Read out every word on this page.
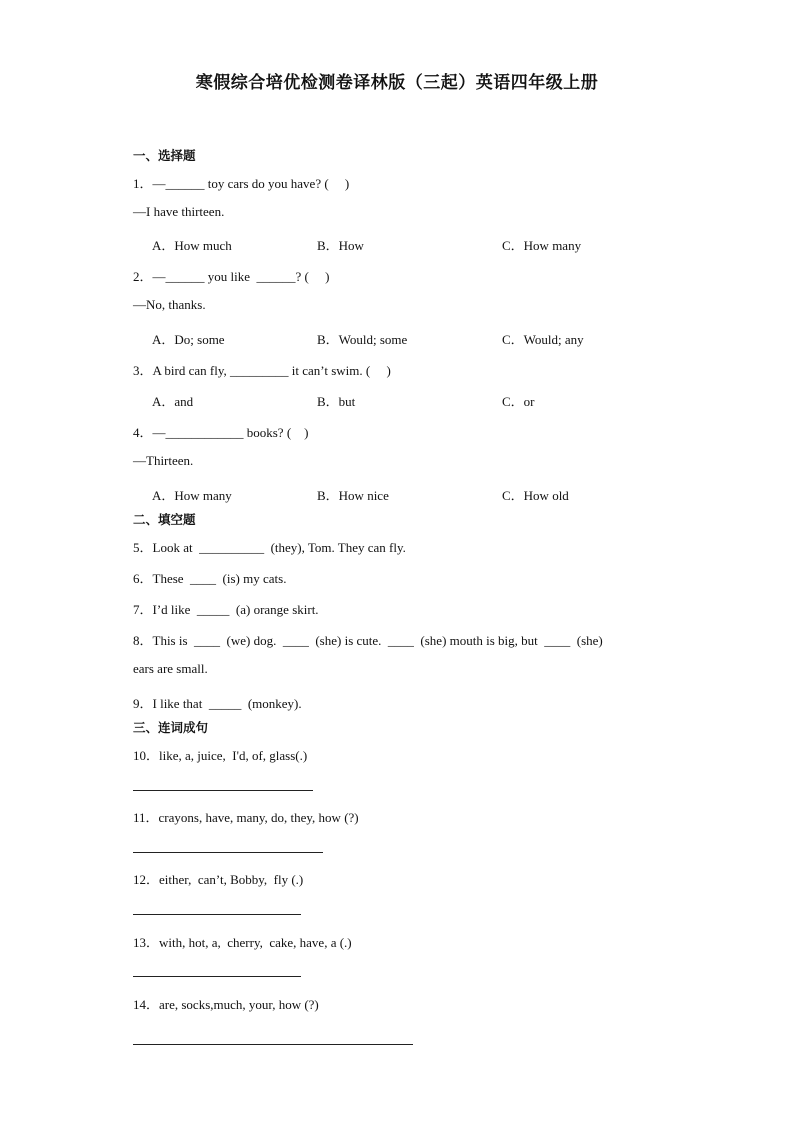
寒假综合培优检测卷译林版（三起）英语四年级上册
一、选择题
1．—______ toy cars do you have? (     )
—I have thirteen.
A．How much	B．How	C．How many
2．—______ you like  ______? (     )
—No, thanks.
A．Do; some	B．Would; some	C．Would; any
3．A bird can fly, _________ it can’t swim. (     )
A．and	B．but	C．or
4．—____________ books? (    )
—Thirteen.
A．How many	B．How nice	C．How old
二、填空题
5．Look at  __________  (they), Tom. They can fly.
6．These  ____  (is) my cats.
7．I’d like  _____  (a) orange skirt.
8．This is  ____  (we) dog.  ____  (she) is cute.  ____  (she) mouth is big, but  ____  (she)
ears are small.
9．I like that  _____  (monkey).
三、连词成句
10．like, a, juice,  I'd, of, glass(.)
11．crayons, have, many, do, they, how (?)
12．either,  can’t, Bobby,  fly (.)
13．with, hot, a,  cherry,  cake, have, a (.)
14．are, socks,much, your, how (?)
